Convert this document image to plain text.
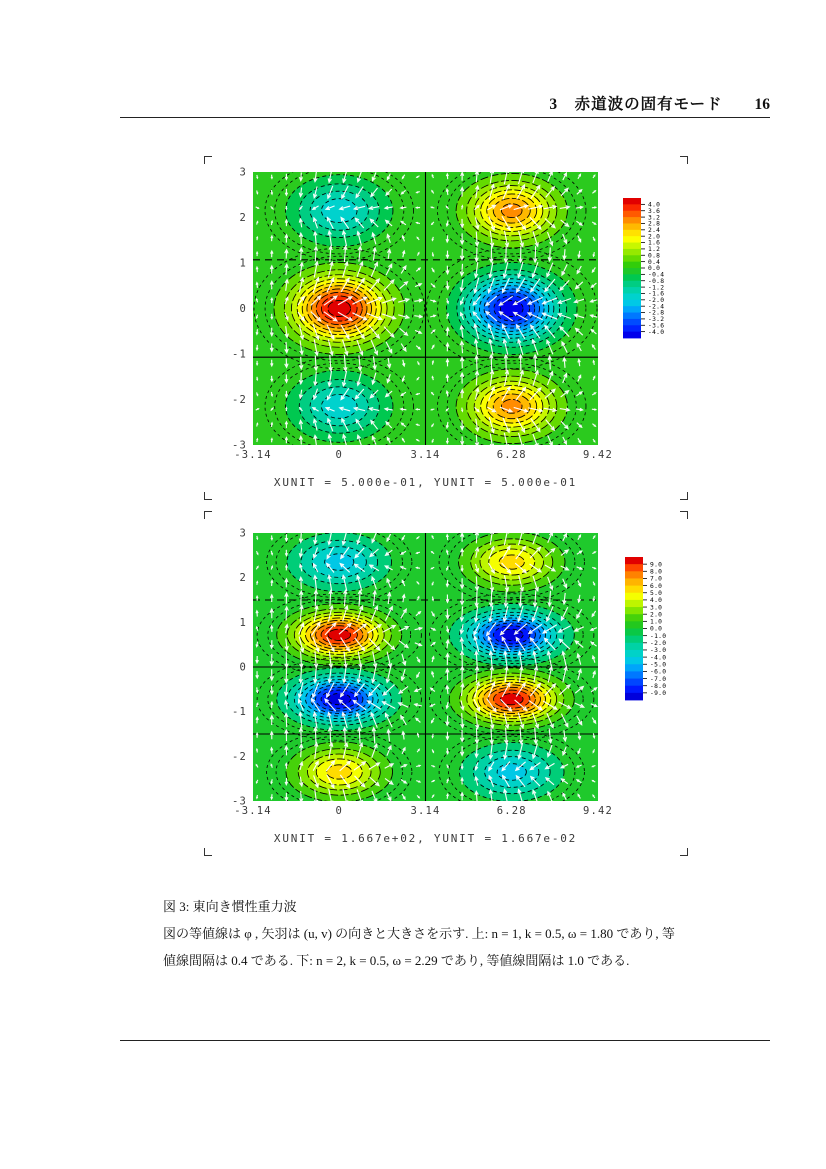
3　赤道波の固有モード 16
-3.14	0	3.14	6.28	9.42
3
2
1
0
-1
-2
-3
XUNIT = 5.000e-01, YUNIT = 5.000e-01
4.0
3.6
3.2
2.8
2.4
2.0
1.6
1.2
0.8
0.4
0.0
-0.4
-0.8
-1.2
-1.6
-2.0
-2.4
-2.8
-3.2
-3.6
-4.0
-3.14	0	3.14	6.28	9.42
3
2
1
0
-1
-2
-3
XUNIT = 1.667e+02, YUNIT = 1.667e-02
9.0
8.0
7.0
6.0
5.0
4.0
3.0
2.0
1.0
0.0
-1.0
-2.0
-3.0
-4.0
-5.0
-6.0
-7.0
-8.0
-9.0
図 3: 東向き慣性重力波
図の等値線は φ , 矢羽は (u, v) の向きと大きさを示す. 上: n = 1, k = 0.5, ω = 1.80 であり, 等
値線間隔は 0.4 である. 下: n = 2, k = 0.5, ω = 2.29 であり, 等値線間隔は 1.0 である.
